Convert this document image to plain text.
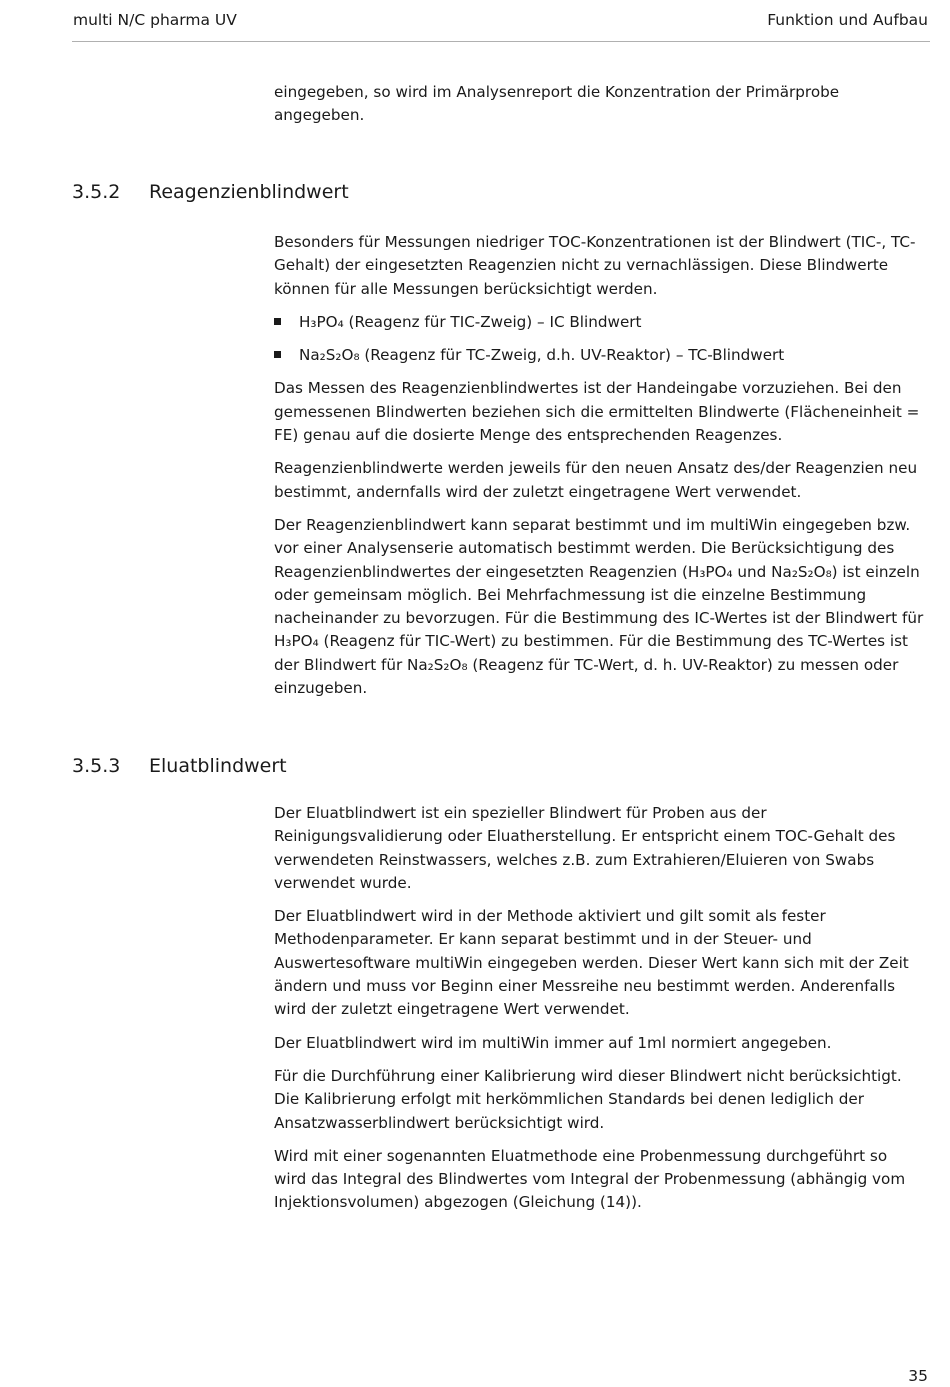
multi N/C pharma UV	Funktion und Aufbau

eingegeben, so wird im Analysenreport die Konzentration der Primärprobe angegeben.

3.5.2 Reagenzienblindwert

Besonders für Messungen niedriger TOC-Konzentrationen ist der Blindwert (TIC-, TC-Gehalt) der eingesetzten Reagenzien nicht zu vernachlässigen. Diese Blindwerte können für alle Messungen berücksichtigt werden.

H₃PO₄ (Reagenz für TIC-Zweig) – IC Blindwert
Na₂S₂O₈ (Reagenz für TC-Zweig, d.h. UV-Reaktor) – TC-Blindwert

Das Messen des Reagenzienblindwertes ist der Handeingabe vorzuziehen. Bei den gemessenen Blindwerten beziehen sich die ermittelten Blindwerte (Flächeneinheit = FE) genau auf die dosierte Menge des entsprechenden Reagenzes.

Reagenzienblindwerte werden jeweils für den neuen Ansatz des/der Reagenzien neu bestimmt, andernfalls wird der zuletzt eingetragene Wert verwendet.

Der Reagenzienblindwert kann separat bestimmt und im multiWin eingegeben bzw. vor einer Analysenserie automatisch bestimmt werden. Die Berücksichtigung des Reagenzienblindwertes der eingesetzten Reagenzien (H₃PO₄ und Na₂S₂O₈) ist einzeln oder gemeinsam möglich. Bei Mehrfachmessung ist die einzelne Bestimmung nacheinander zu bevorzugen. Für die Bestimmung des IC-Wertes ist der Blindwert für H₃PO₄ (Reagenz für TIC-Wert) zu bestimmen. Für die Bestimmung des TC-Wertes ist der Blindwert für Na₂S₂O₈ (Reagenz für TC-Wert, d. h. UV-Reaktor) zu messen oder einzugeben.

3.5.3 Eluatblindwert

Der Eluatblindwert ist ein spezieller Blindwert für Proben aus der Reinigungsvalidierung oder Eluatherstellung. Er entspricht einem TOC-Gehalt des verwendeten Reinstwassers, welches z.B. zum Extrahieren/Eluieren von Swabs verwendet wurde.

Der Eluatblindwert wird in der Methode aktiviert und gilt somit als fester Methodenparameter. Er kann separat bestimmt und in der Steuer- und Auswertesoftware multiWin eingegeben werden. Dieser Wert kann sich mit der Zeit ändern und muss vor Beginn einer Messreihe neu bestimmt werden. Anderenfalls wird der zuletzt eingetragene Wert verwendet.

Der Eluatblindwert wird im multiWin immer auf 1ml normiert angegeben.

Für die Durchführung einer Kalibrierung wird dieser Blindwert nicht berücksichtigt. Die Kalibrierung erfolgt mit herkömmlichen Standards bei denen lediglich der Ansatzwasserblindwert berücksichtigt wird.

Wird mit einer sogenannten Eluatmethode eine Probenmessung durchgeführt so wird das Integral des Blindwertes vom Integral der Probenmessung (abhängig vom Injektionsvolumen) abgezogen (Gleichung (14)).

35
